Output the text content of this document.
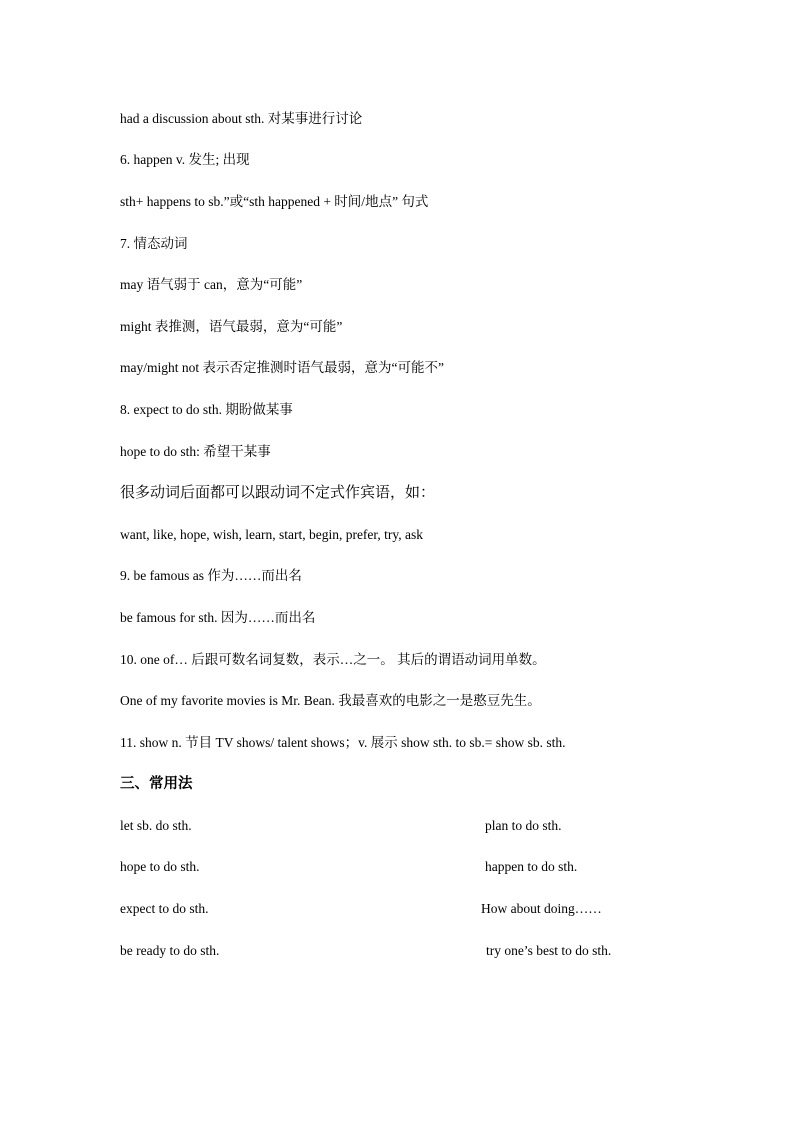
had a discussion about sth. 对某事进行讨论
6. happen v. 发生; 出现
sth+ happens to sb.”或“sth happened + 时间/地点” 句式
7. 情态动词
may 语气弱于 can，意为“可能”
might 表推测，语气最弱，意为“可能”
may/might not 表示否定推测时语气最弱，意为“可能不”
8. expect to do sth. 期盼做某事
hope to do sth: 希望干某事
很多动词后面都可以跟动词不定式作宾语，如：
want, like, hope, wish, learn, start, begin, prefer, try, ask
9. be famous as 作为……而出名
be famous for sth. 因为……而出名
10. one of… 后跟可数名词复数，表示…之一。 其后的谓语动词用单数。
One of my favorite movies is Mr. Bean. 我最喜欢的电影之一是憨豆先生。
11. show n. 节目 TV shows/ talent shows；v. 展示 show sth. to sb.= show sb. sth.
三、常用法
let sb. do sth.	plan to do sth.
hope to do sth.	happen to do sth.
expect to do sth.	How about doing……
be ready to do sth.	try one’s best to do sth.
